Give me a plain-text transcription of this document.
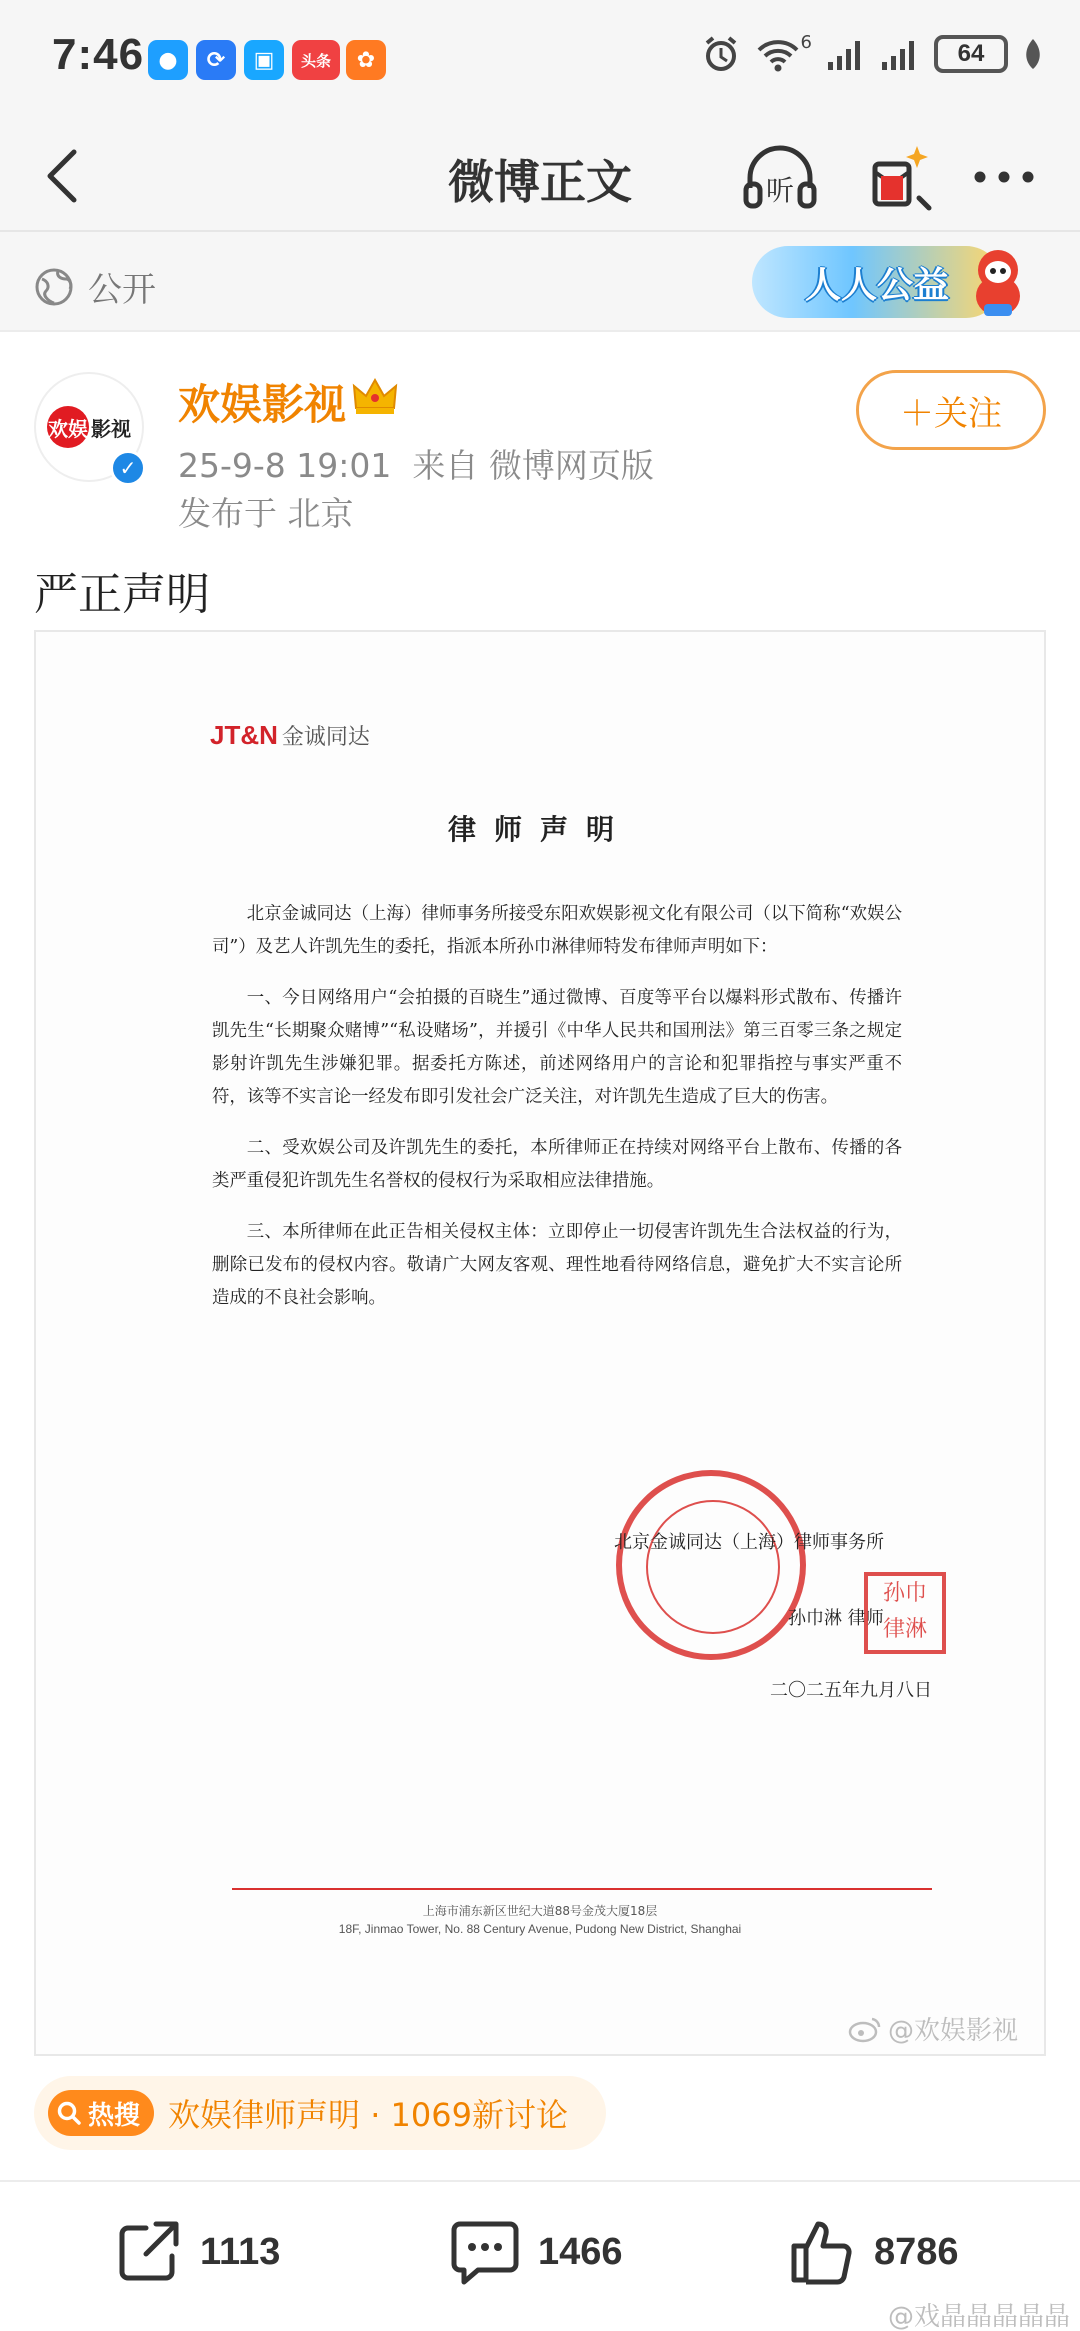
7:46 ● ⟳ ▣ 头条 ✿
6	64
微博正文	听
公开	人人公益
欢娱 影视
✓
欢娱影视
25-9-8 19:01 来自 微博网页版
发布于 北京
＋关注
严正声明
JT&N 金诚同达
律师声明

北京金诚同达（上海）律师事务所接受东阳欢娱影视文化有限公司（以下简称“欢娱公司”）及艺人许凯先生的委托，指派本所孙巾淋律师特发布律师声明如下：

一、今日网络用户“会拍摄的百晓生”通过微博、百度等平台以爆料形式散布、传播许凯先生“长期聚众赌博”“私设赌场”，并援引《中华人民共和国刑法》第三百零三条之规定影射许凯先生涉嫌犯罪。据委托方陈述，前述网络用户的言论和犯罪指控与事实严重不符，该等不实言论一经发布即引发社会广泛关注，对许凯先生造成了巨大的伤害。

二、受欢娱公司及许凯先生的委托，本所律师正在持续对网络平台上散布、传播的各类严重侵犯许凯先生名誉权的侵权行为采取相应法律措施。

三、本所律师在此正告相关侵权主体：立即停止一切侵害许凯先生合法权益的行为，删除已发布的侵权内容。敬请广大网友客观、理性地看待网络信息，避免扩大不实言论所造成的不良社会影响。

北京金诚同达（上海）律师事务所
孙巾淋 律师
孙巾
律淋
二〇二五年九月八日
上海市浦东新区世纪大道88号金茂大厦18层
18F, Jinmao Tower, No. 88 Century Avenue, Pudong New District, Shanghai
@欢娱影视
热搜 欢娱律师声明 · 1069新讨论
1113	1466	8786
@戏晶晶晶晶晶
